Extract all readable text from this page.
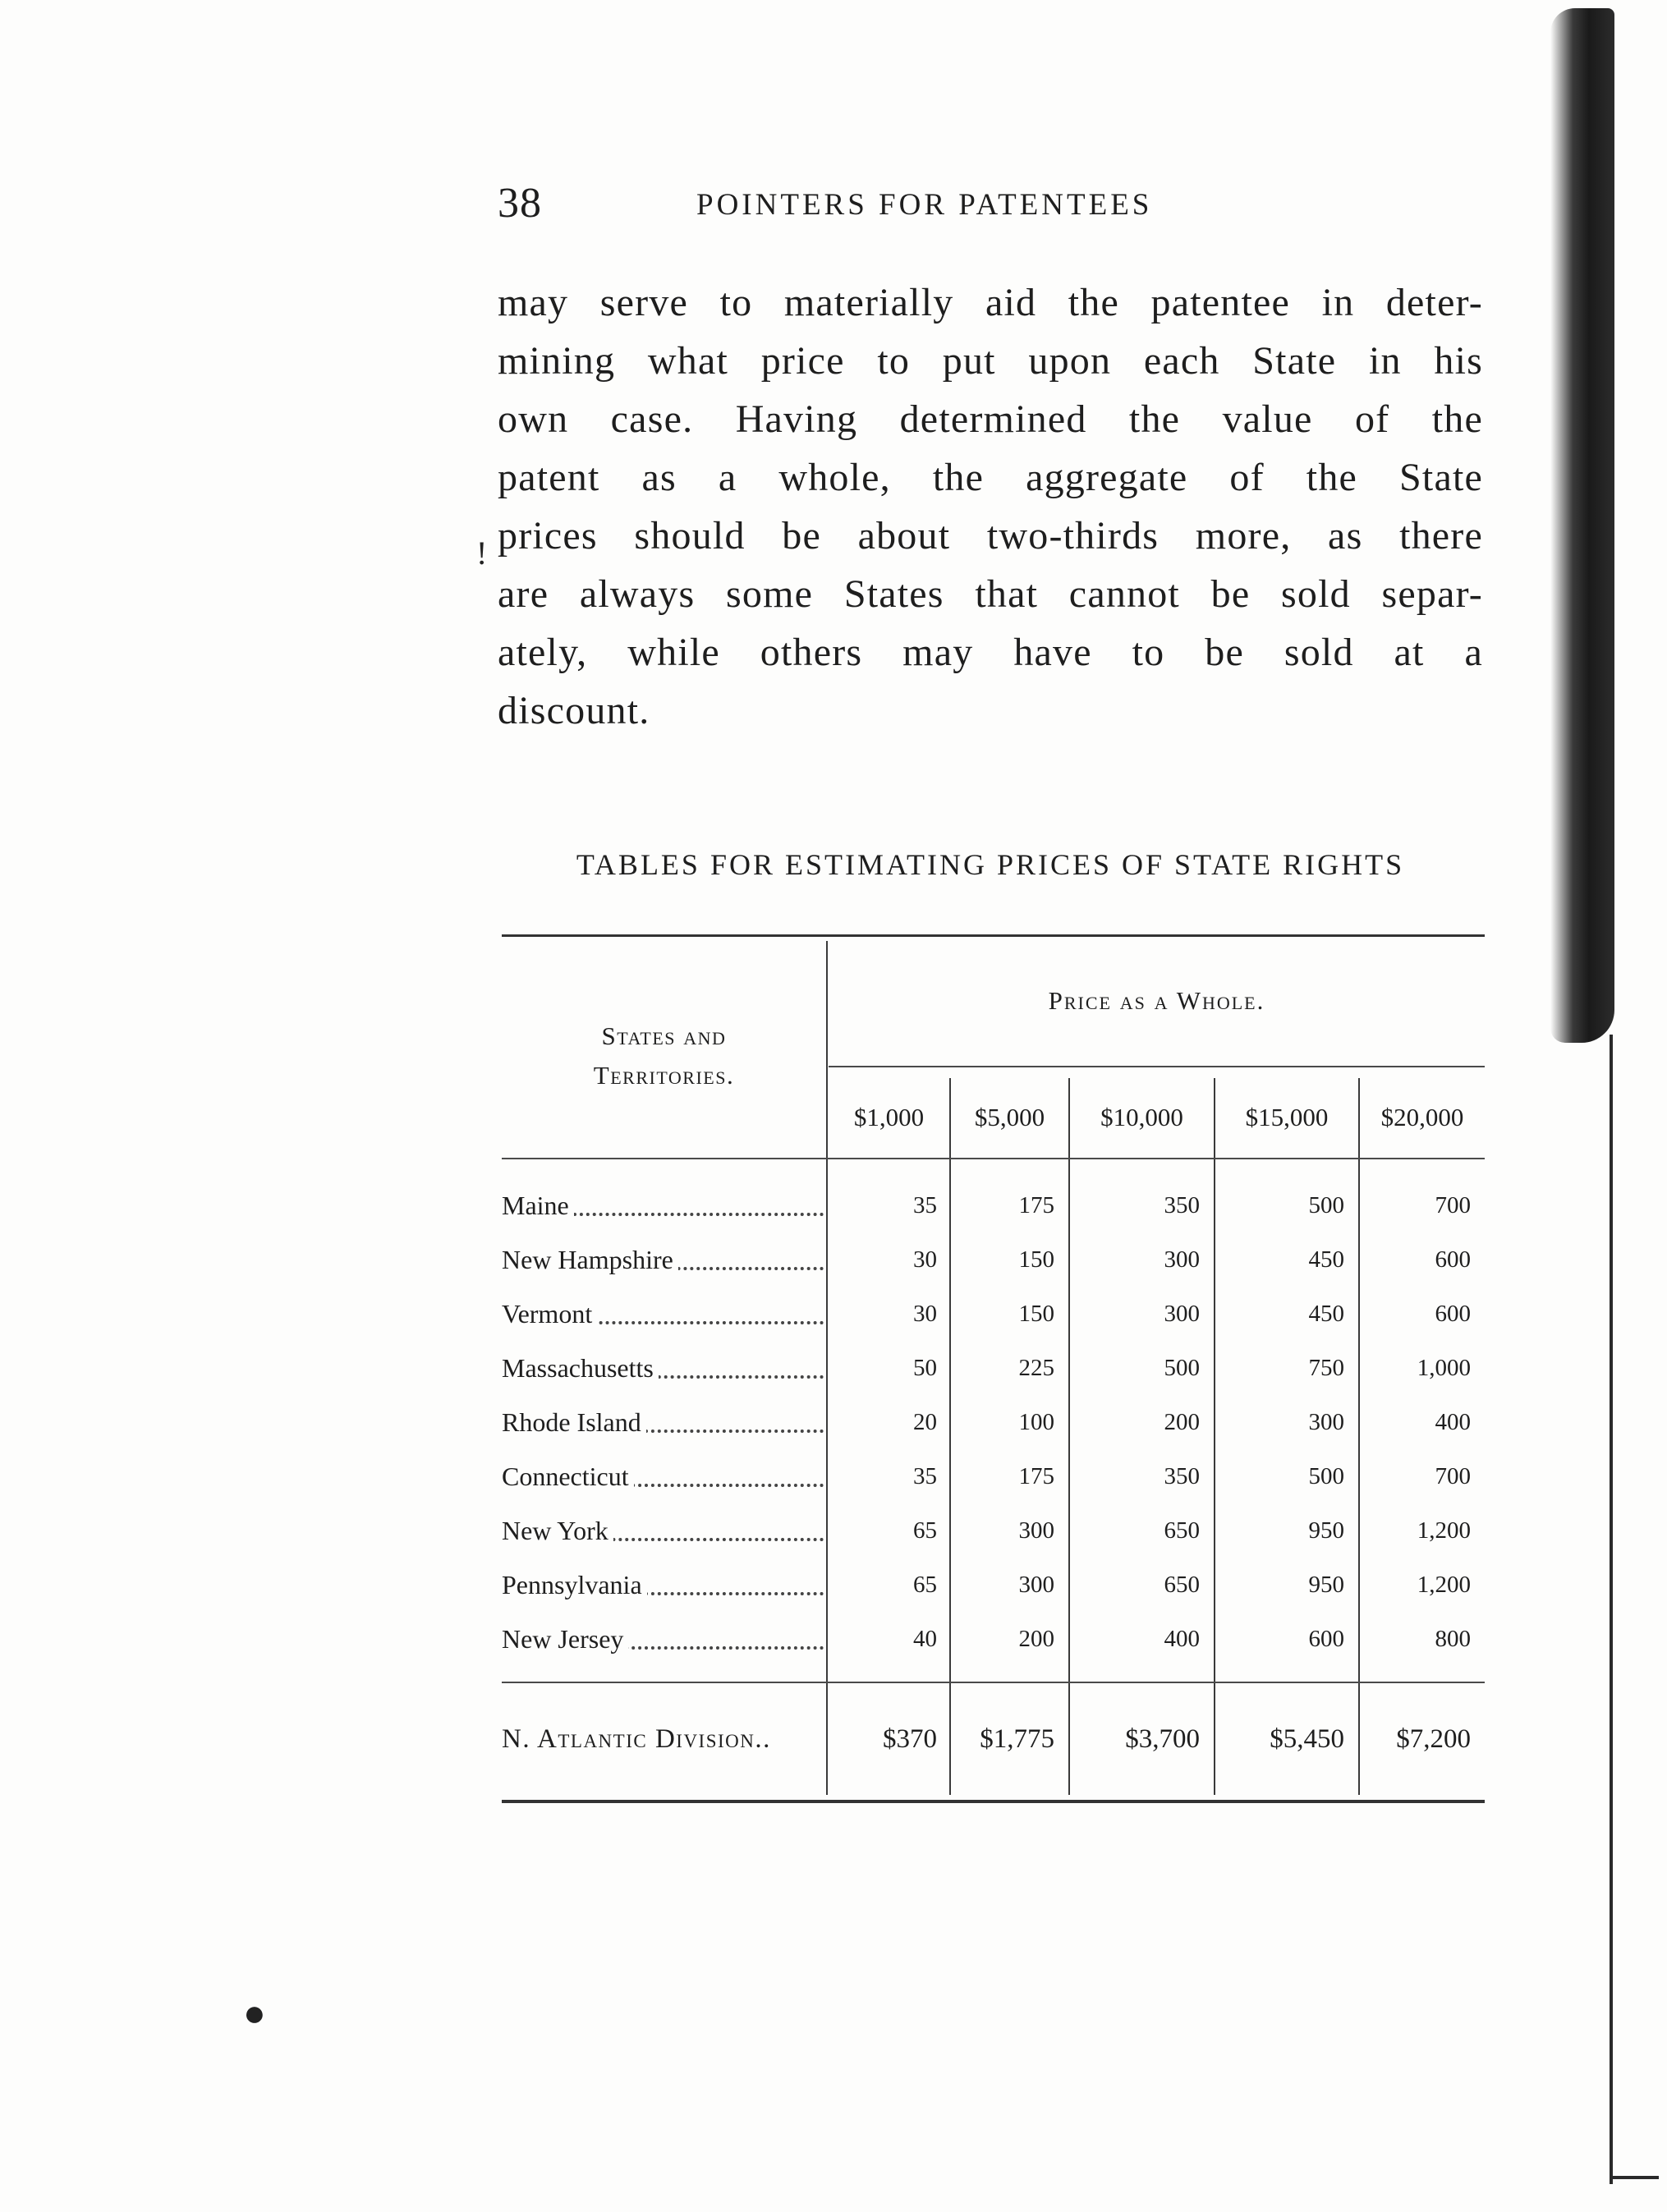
!
●
38	POINTERS FOR PATENTEES
may serve to materially aid the patentee in deter-
mining what price to put upon each State in his
own case. Having determined the value of the
patent as a whole, the aggregate of the State
prices should be about two-thirds more, as there
are always some States that cannot be sold separ-
ately, while others may have to be sold at a
discount.
TABLES FOR ESTIMATING PRICES OF STATE RIGHTS
States and
Territories.
Price as a Whole.
$1,000	$5,000	$10,000	$15,000	$20,000
Maine	35	175	350	500	700
New Hampshire	30	150	300	450	600
Vermont	30	150	300	450	600
Massachusetts	50	225	500	750	1,000
Rhode Island	20	100	200	300	400
Connecticut	35	175	350	500	700
New York	65	300	650	950	1,200
Pennsylvania	65	300	650	950	1,200
New Jersey	40	200	400	600	800
N. Atlantic Division..	$370	$1,775	$3,700	$5,450	$7,200
